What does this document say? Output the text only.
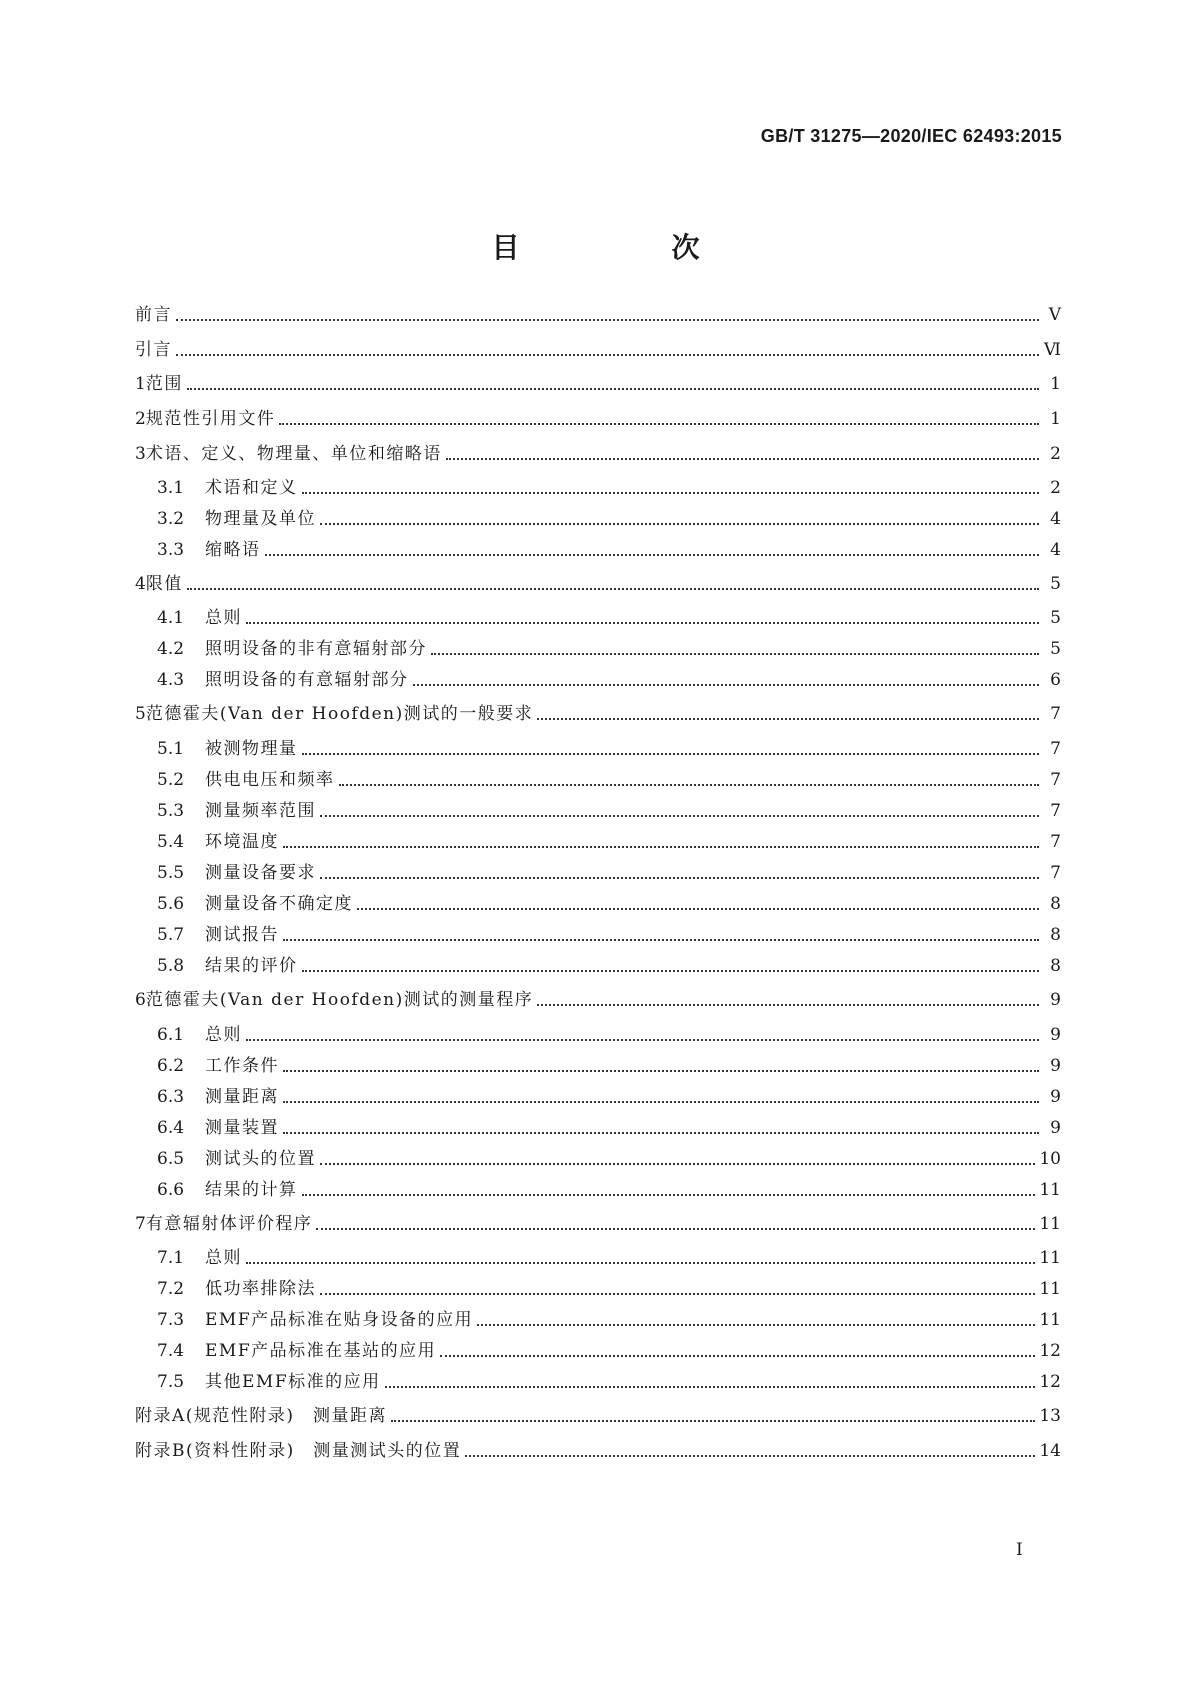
GB/T 31275—2020/IEC 62493:2015
目　次
前言	Ⅴ
引言	Ⅵ
1 范围	1
2 规范性引用文件	1
3 术语、定义、物理量、单位和缩略语	2
3.1	术语和定义	2
3.2	物理量及单位	4
3.3	缩略语	4
4 限值	5
4.1	总则	5
4.2	照明设备的非有意辐射部分	5
4.3	照明设备的有意辐射部分	6
5 范德霍夫(Van der Hoofden)测试的一般要求	7
5.1	被测物理量	7
5.2	供电电压和频率	7
5.3	测量频率范围	7
5.4	环境温度	7
5.5	测量设备要求	7
5.6	测量设备不确定度	8
5.7	测试报告	8
5.8	结果的评价	8
6 范德霍夫(Van der Hoofden)测试的测量程序	9
6.1	总则	9
6.2	工作条件	9
6.3	测量距离	9
6.4	测量装置	9
6.5	测试头的位置	10
6.6	结果的计算	11
7 有意辐射体评价程序	11
7.1	总则	11
7.2	低功率排除法	11
7.3	EMF产品标准在贴身设备的应用	11
7.4	EMF产品标准在基站的应用	12
7.5	其他EMF标准的应用	12
附录A(规范性附录)　测量距离	13
附录B(资料性附录)　测量测试头的位置	14
I
